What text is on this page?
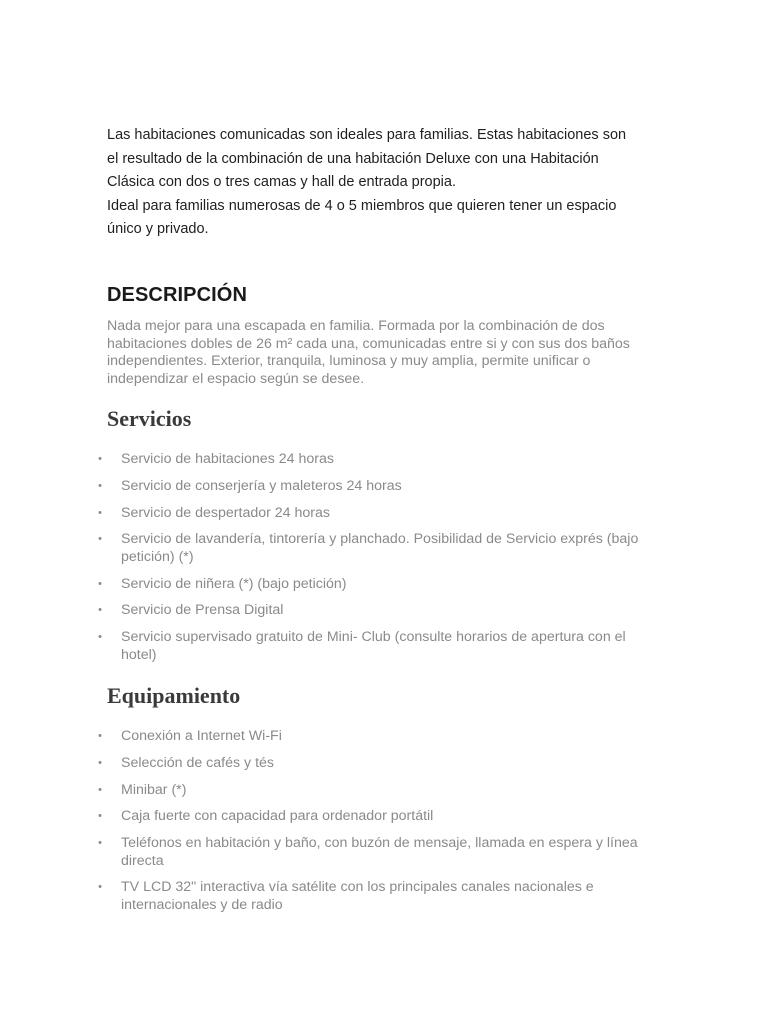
Las habitaciones comunicadas son ideales para familias. Estas habitaciones son

el resultado de la combinación de una habitación Deluxe con una Habitación

Clásica con dos o tres camas y hall de entrada propia.

Ideal para familias numerosas de 4 o 5 miembros que quieren tener un espacio

único y privado.

DESCRIPCIÓN

Nada mejor para una escapada en familia. Formada por la combinación de dos habitaciones dobles de 26 m² cada una, comunicadas entre si y con sus dos baños independientes. Exterior, tranquila, luminosa y muy amplia, permite unificar o independizar el espacio según se desee.

Servicios
•	Servicio de habitaciones 24 horas
•	Servicio de conserjería y maleteros 24 horas
•	Servicio de despertador 24 horas
•	Servicio de lavandería, tintorería y planchado. Posibilidad de Servicio exprés (bajo petición) (*)
•	Servicio de niñera (*) (bajo petición)
•	Servicio de Prensa Digital
•	Servicio supervisado gratuito de Mini- Club (consulte horarios de apertura con el hotel)
Equipamiento
•	Conexión a Internet Wi-Fi
•	Selección de cafés y tés
•	Minibar (*)
•	Caja fuerte con capacidad para ordenador portátil
•	Teléfonos en habitación y baño, con buzón de mensaje, llamada en espera y línea directa
•	TV LCD 32" interactiva vía satélite con los principales canales nacionales e internacionales y de radio
